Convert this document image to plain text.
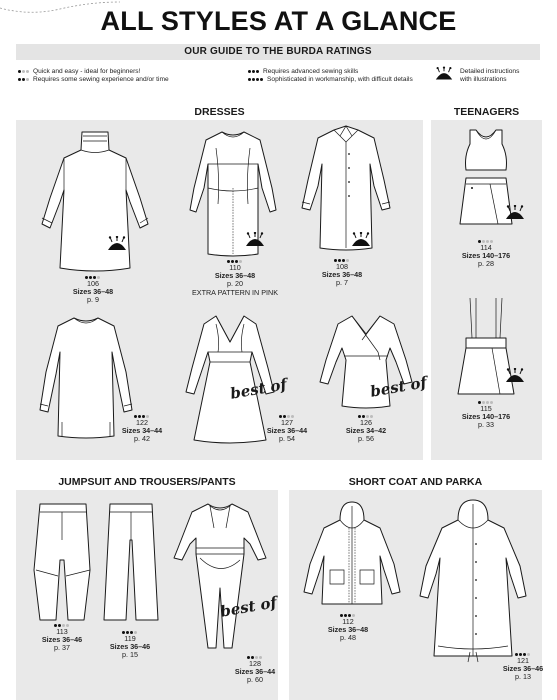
ALL STYLES AT A GLANCE
OUR GUIDE TO THE BURDA RATINGS
Quick and easy - ideal for beginners!
Requires some sewing experience and/or time
Requires advanced sewing skills
Sophisticated in workmanship, with difficult details
Detailed instructions
with illustrations
DRESSES	TEENAGERS
JUMPSUIT AND TROUSERS/PANTS	SHORT COAT AND PARKA
106
Sizes 36–48
p. 9
110
Sizes 36–48
p. 20
EXTRA PATTERN IN PINK
108
Sizes 36–48
p. 7
122
Sizes 34–44
p. 42
best of
127
Sizes 36–44
p. 54
best of
126
Sizes 34–42
p. 56
114
Sizes 140–176
p. 28
115
Sizes 140–176
p. 33
113
Sizes 36–46
p. 37
119
Sizes 36–46
p. 15
best of
128
Sizes 36–44
p. 60
112
Sizes 36–48
p. 48
121
Sizes 36–46
p. 13
